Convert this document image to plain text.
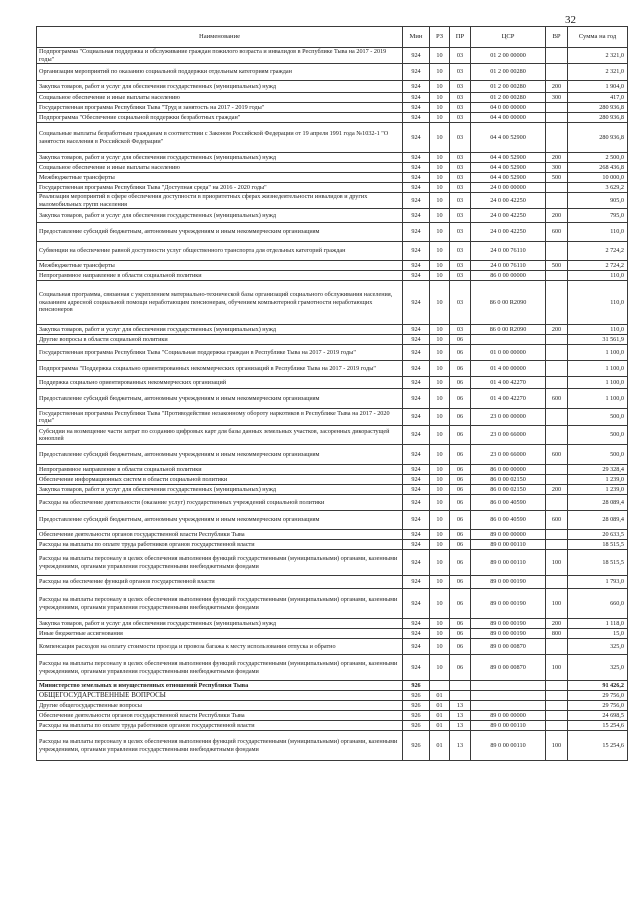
32
Наименование	Мин	РЗ	ПР	ЦСР	ВР	Сумма на год
Подпрограмма "Социальная поддержка и обслуживание граждан пожилого возраста и инвалидов в Республике Тыва на 2017 - 2019 годы"	924	10	03	01 2 00 00000		2 321,0
Организация мероприятий по оказанию социальной поддержки отдельным категориям граждан	924	10	03	01 2 00 00280		2 321,0
Закупка товаров, работ и услуг для обеспечения государственных (муниципальных) нужд	924	10	03	01 2 00 00280	200	1 904,0
Социальное обеспечение и иные выплаты населению	924	10	03	01 2 00 00280	300	417,0
Государственная программа Республики Тыва "Труд и занятость на 2017 - 2019 годы"	924	10	03	04 0 00 00000		280 936,8
Подпрограмма "Обеспечение социальной поддержки безработных граждан"	924	10	03	04 4 00 00000		280 936,8
Социальные выплаты безработным гражданам в соответствии с Законом Российской Федерации от 19 апреля 1991 года №1032-1 "О занятости населения в Российской Федерации"	924	10	03	04 4 00 52900		280 936,8
Закупка товаров, работ и услуг для обеспечения государственных (муниципальных) нужд	924	10	03	04 4 00 52900	200	2 500,0
Социальное обеспечение и иные выплаты населению	924	10	03	04 4 00 52900	300	268 436,8
Межбюджетные трансферты	924	10	03	04 4 00 52900	500	10 000,0
Государственная программа Республики Тыва "Доступная среда" на 2016 - 2020 годы"	924	10	03	24 0 00 00000		3 629,2
Реализация мероприятий в сфере обеспечения доступности в приоритетных сферах жизнедеятельности инвалидов и других маломобильных групп населения	924	10	03	24 0 00 42250		905,0
Закупка товаров, работ и услуг для обеспечения государственных (муниципальных) нужд	924	10	03	24 0 00 42250	200	795,0
Предоставление субсидий бюджетным, автономным учреждениям и иным некоммерческим организациям	924	10	03	24 0 00 42250	600	110,0
Субвенции на обеспечение равной доступности услуг общественного транспорта для отдельных категорий граждан	924	10	03	24 0 00 76110		2 724,2
Межбюджетные трансферты	924	10	03	24 0 00 76110	500	2 724,2
Непрограммное направление в области социальной политики	924	10	03	86 0 00 00000		110,0
Социальная программа, связанная с укреплением материально-технической базы организаций социального обслуживания населения, оказанием адресной социальной помощи неработающим пенсионерам, обучением компьютерной грамотности неработающих пенсионеров	924	10	03	86 0 00 R2090		110,0
Закупка товаров, работ и услуг для обеспечения государственных (муниципальных) нужд	924	10	03	86 0 00 R2090	200	110,0
Другие вопросы в области социальной политики	924	10	06			31 561,9
Государственная программа Республики Тыва "Социальная поддержка граждан в Республике Тыва на 2017 - 2019 годы"	924	10	06	01 0 00 00000		1 100,0
Подпрограмма "Поддержка социально ориентированных некоммерческих организаций в Республике Тыва на 2017 - 2019 годы"	924	10	06	01 4 00 00000		1 100,0
Поддержка социально ориентированных некоммерческих организаций	924	10	06	01 4 00 42270		1 100,0
Предоставление субсидий бюджетным, автономным учреждениям и иным некоммерческим организациям	924	10	06	01 4 00 42270	600	1 100,0
Государственная программа Республики Тыва "Противодействие незаконному обороту наркотиков в Республике Тыва на 2017 - 2020 годы"	924	10	06	23 0 00 00000		500,0
Субсидии на возмещение части затрат по созданию цифровых карт для базы данных земельных участков, засоренных дикорастущей коноплей	924	10	06	23 0 00 66000		500,0
Предоставление субсидий бюджетным, автономным учреждениям и иным некоммерческим организациям	924	10	06	23 0 00 66000	600	500,0
Непрограммное направление в области социальной политики	924	10	06	86 0 00 00000		29 328,4
Обеспечение информационных систем в области социальной политики	924	10	06	86 0 00 02150		1 239,0
Закупка товаров, работ и услуг для обеспечения государственных (муниципальных) нужд	924	10	06	86 0 00 02150	200	1 239,0
Расходы на обеспечение деятельности (оказание услуг) государственных учреждений социальной политики	924	10	06	86 0 00 40590		28 089,4
Предоставление субсидий бюджетным, автономным учреждениям и иным некоммерческим организациям	924	10	06	86 0 00 40590	600	28 089,4
Обеспечение деятельности органов государственной власти Республики Тыва	924	10	06	89 0 00 00000		20 633,5
Расходы на выплаты по оплате труда работников органов государственной власти	924	10	06	89 0 00 00110		18 515,5
Расходы на выплаты персоналу в целях обеспечения выполнения функций государственными (муниципальными) органами, казенными учреждениями, органами управления государственными внебюджетными фондами	924	10	06	89 0 00 00110	100	18 515,5
Расходы на обеспечение функций органов государственной власти	924	10	06	89 0 00 00190		1 793,0
Расходы на выплаты персоналу в целях обеспечения выполнения функций государственными (муниципальными) органами, казенными учреждениями, органами управления государственными внебюджетными фондами	924	10	06	89 0 00 00190	100	660,0
Закупка товаров, работ и услуг для обеспечения государственных (муниципальных) нужд	924	10	06	89 0 00 00190	200	1 118,0
Иные бюджетные ассигнования	924	10	06	89 0 00 00190	800	15,0
Компенсация расходов на оплату стоимости проезда и провоза багажа к месту использования отпуска и обратно	924	10	06	89 0 00 00870		325,0
Расходы на выплаты персоналу в целях обеспечения выполнения функций государственными (муниципальными) органами, казенными учреждениями, органами управления государственными внебюджетными фондами	924	10	06	89 0 00 00870	100	325,0
Министерство земельных и имущественных отношений Республики Тыва	926					91 426,2
ОБЩЕГОСУДАРСТВЕННЫЕ ВОПРОСЫ	926	01				29 756,0
Другие общегосударственные вопросы	926	01	13			29 756,0
Обеспечение деятельности органов государственной власти Республики Тыва	926	01	13	89 0 00 00000		24 698,5
Расходы на выплаты по оплате труда работников органов государственной власти	926	01	13	89 0 00 00110		15 254,6
Расходы на выплаты персоналу в целях обеспечения выполнения функций государственными (муниципальными) органами, казенными учреждениями, органами управления государственными внебюджетными фондами	926	01	13	89 0 00 00110	100	15 254,6
